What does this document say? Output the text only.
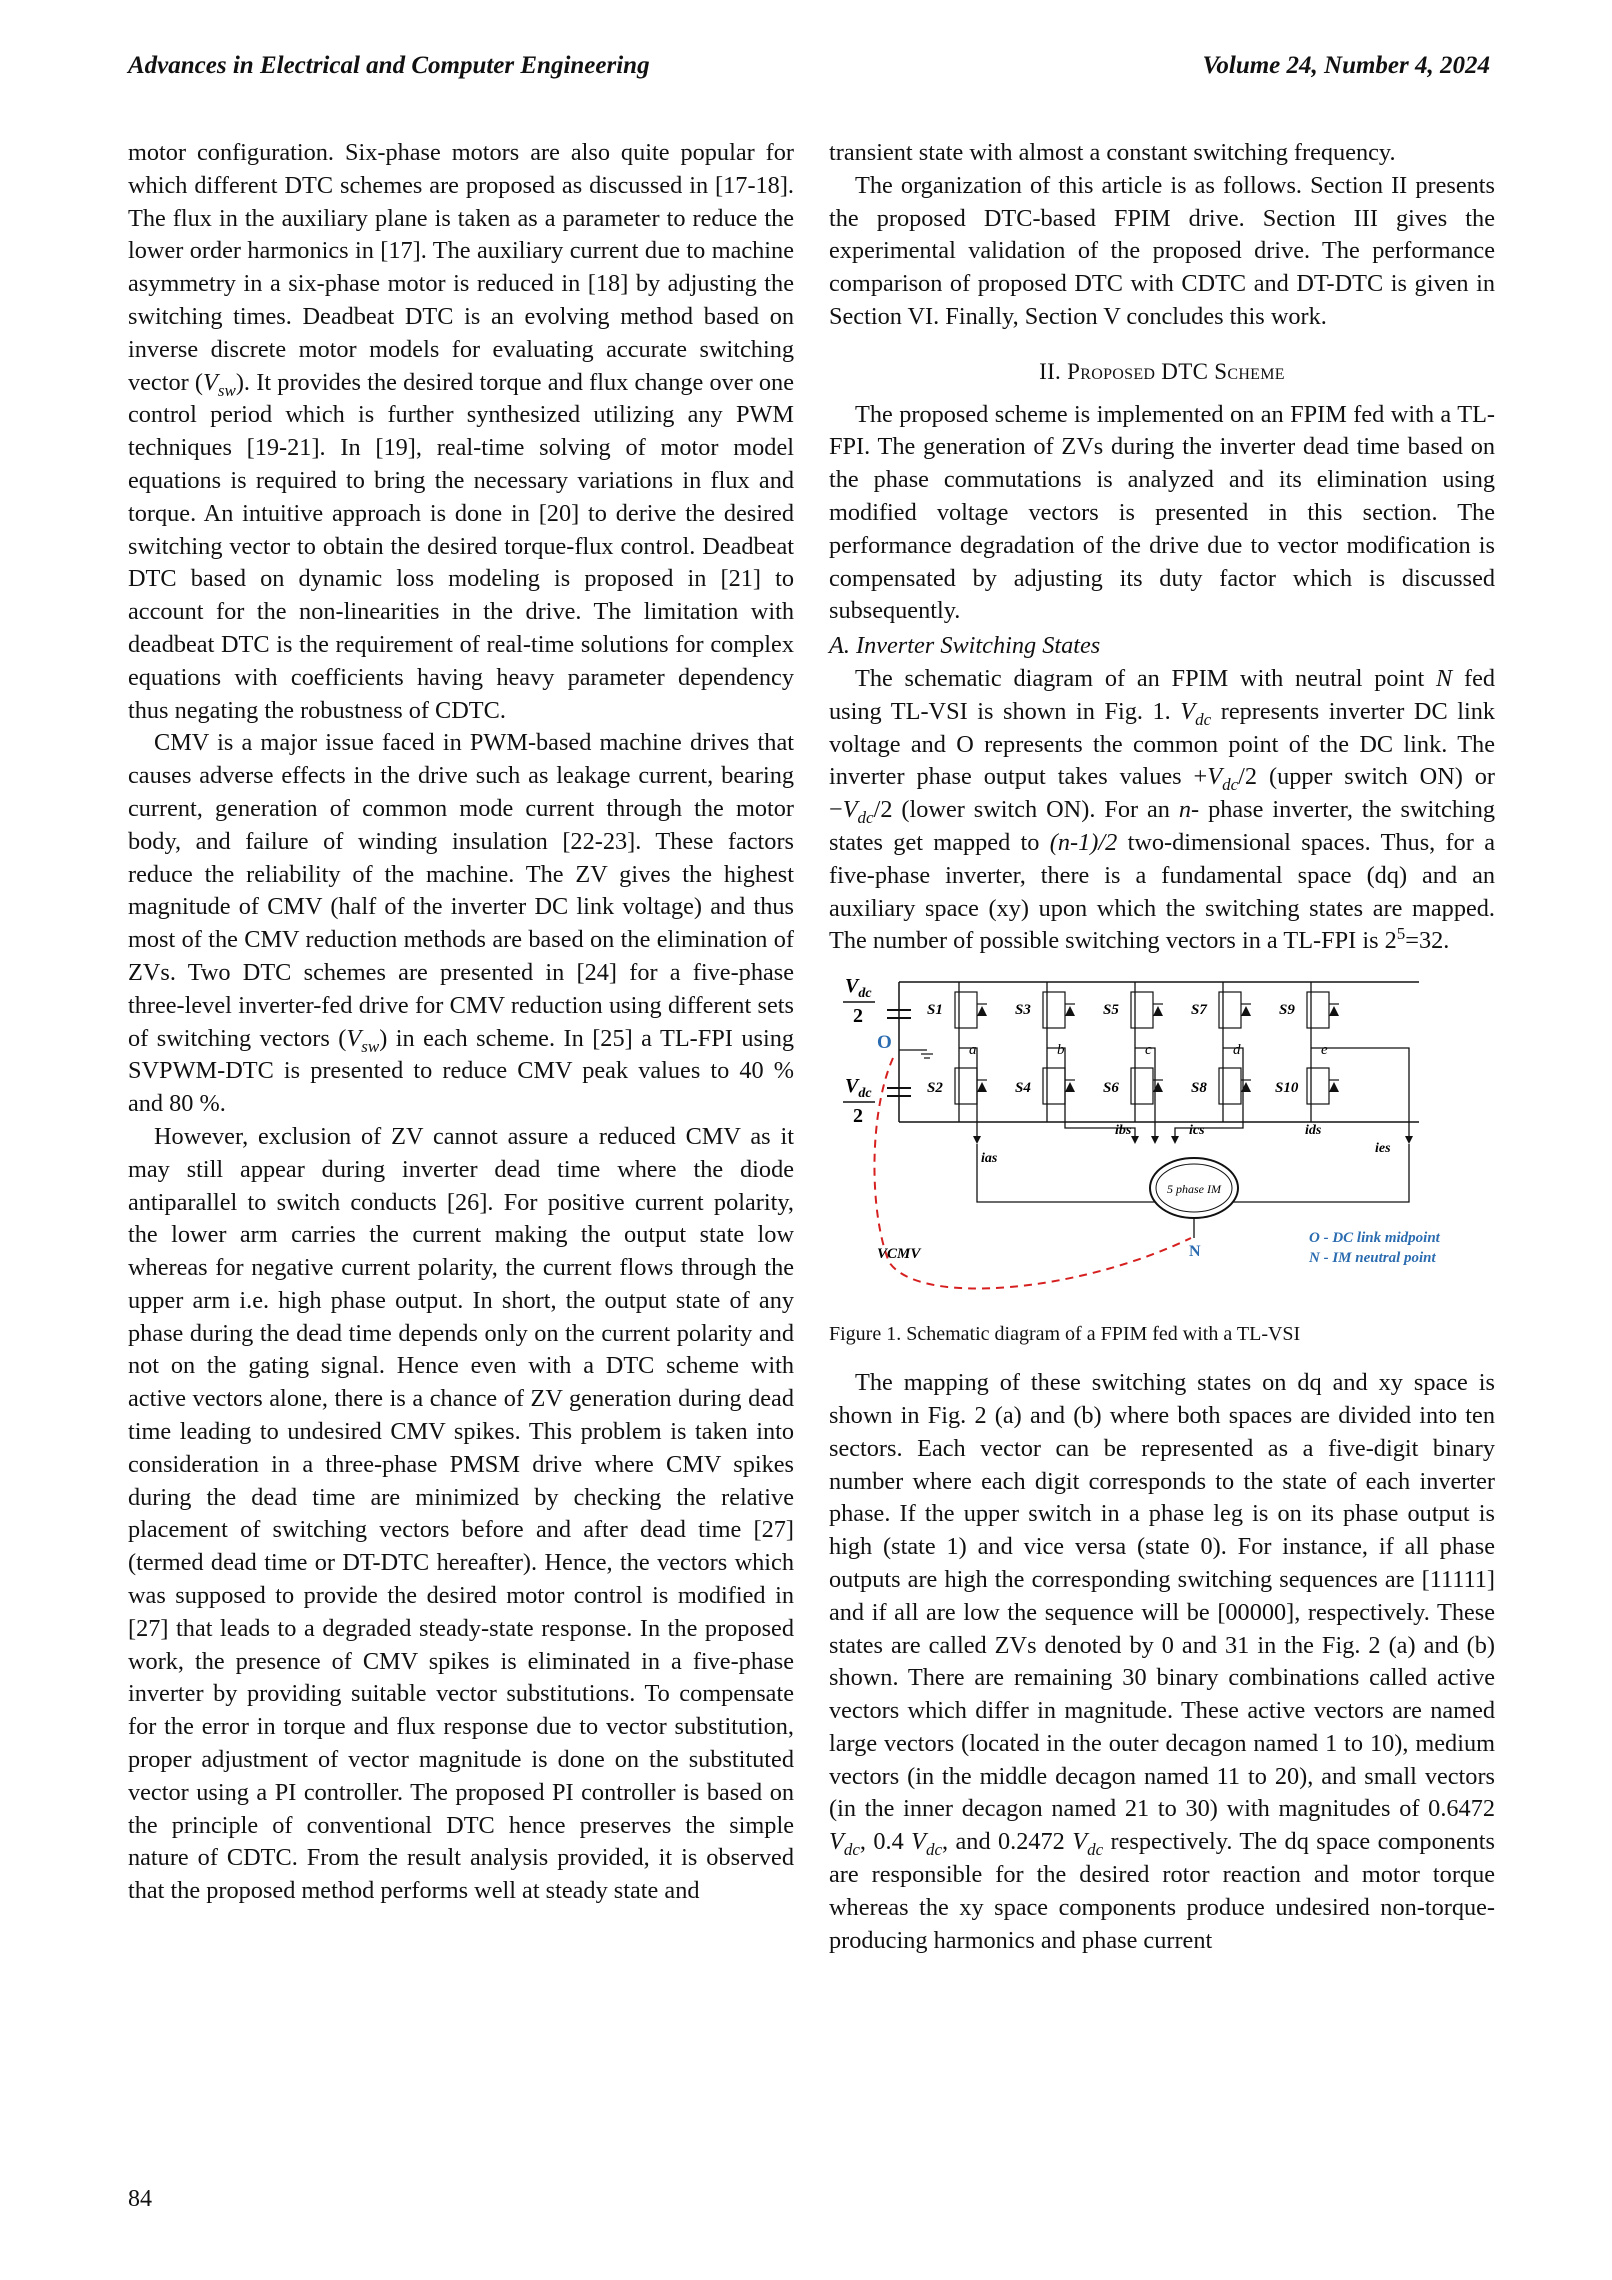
Advances in Electrical and Computer Engineering	Volume 24, Number 4, 2024

motor configuration. Six-phase motors are also quite popular for which different DTC schemes are proposed as discussed in [17-18]. The flux in the auxiliary plane is taken as a parameter to reduce the lower order harmonics in [17]. The auxiliary current due to machine asymmetry in a six-phase motor is reduced in [18] by adjusting the switching times. Deadbeat DTC is an evolving method based on inverse discrete motor models for evaluating accurate switching vector $(V_{sw})$. It provides the desired torque and flux change over one control period which is further synthesized utilizing any PWM techniques [19-21]. In [19], real-time solving of motor model equations is required to bring the necessary variations in flux and torque. An intuitive approach is done in [20] to derive the desired switching vector to obtain the desired torque-flux control. Deadbeat DTC based on dynamic loss modeling is proposed in [21] to account for the non-linearities in the drive. The limitation with deadbeat DTC is the requirement of real-time solutions for complex equations with coefficients having heavy parameter dependency thus negating the robustness of CDTC.

CMV is a major issue faced in PWM-based machine drives that causes adverse effects in the drive such as leakage current, bearing current, generation of common mode current through the motor body, and failure of winding insulation [22-23]. These factors reduce the reliability of the machine. The ZV gives the highest magnitude of CMV (half of the inverter DC link voltage) and thus most of the CMV reduction methods are based on the elimination of ZVs. Two DTC schemes are presented in [24] for a five-phase three-level inverter-fed drive for CMV reduction using different sets of switching vectors $(V_{sw})$ in each scheme. In [25] a TL-FPI using SVPWM-DTC is presented to reduce CMV peak values to 40 % and 80 %.

However, exclusion of ZV cannot assure a reduced CMV as it may still appear during inverter dead time where the diode antiparallel to switch conducts [26]. For positive current polarity, the lower arm carries the current making the output state low whereas for negative current polarity, the current flows through the upper arm i.e. high phase output. In short, the output state of any phase during the dead time depends only on the current polarity and not on the gating signal. Hence even with a DTC scheme with active vectors alone, there is a chance of ZV generation during dead time leading to undesired CMV spikes. This problem is taken into consideration in a three-phase PMSM drive where CMV spikes during the dead time are minimized by checking the relative placement of switching vectors before and after dead time [27] (termed dead time or DT-DTC hereafter). Hence, the vectors which was supposed to provide the desired motor control is modified in [27] that leads to a degraded steady-state response. In the proposed work, the presence of CMV spikes is eliminated in a five-phase inverter by providing suitable vector substitutions. To compensate for the error in torque and flux response due to vector substitution, proper adjustment of vector magnitude is done on the substituted vector using a PI controller. The proposed PI controller is based on the principle of conventional DTC hence preserves the simple nature of CDTC. From the result analysis provided, it is observed that the proposed method performs well at steady state and

transient state with almost a constant switching frequency.

The organization of this article is as follows. Section II presents the proposed DTC-based FPIM drive. Section III gives the experimental validation of the proposed drive. The performance comparison of proposed DTC with CDTC and DT-DTC is given in Section VI. Finally, Section V concludes this work.

II. Proposed DTC Scheme

The proposed scheme is implemented on an FPIM fed with a TL-FPI. The generation of ZVs during the inverter dead time based on the phase commutations is analyzed and its elimination using modified voltage vectors is presented in this section. The performance degradation of the drive due to vector modification is compensated by adjusting its duty factor which is discussed subsequently.

A. Inverter Switching States

The schematic diagram of an FPIM with neutral point N fed using TL-VSI is shown in Fig. 1. $V_{dc}$ represents inverter DC link voltage and O represents the common point of the DC link. The inverter phase output takes values $+V_{dc}/2$ (upper switch ON) or $-V_{dc}/2$ (lower switch ON). For an n- phase inverter, the switching states get mapped to (n-1)/2 two-dimensional spaces. Thus, for a five-phase inverter, there is a fundamental space (dq) and an auxiliary space (xy) upon which the switching states are mapped. The number of possible switching vectors in a TL-FPI is $2^5=32$.

$V_{dc}$
2
$V_{dc}$
2
O
S1	S3	S5	S7	S9
S2	S4	S6	S8	S10
a	b	c	d	e
ias
ibs	ics	ids
ies
5 phase IM
VCMV	N
O - DC link midpoint
N - IM neutral point

Figure 1. Schematic diagram of a FPIM fed with a TL-VSI

The mapping of these switching states on dq and xy space is shown in Fig. 2 (a) and (b) where both spaces are divided into ten sectors. Each vector can be represented as a five-digit binary number where each digit corresponds to the state of each inverter phase. If the upper switch in a phase leg is on its phase output is high (state 1) and vice versa (state 0). For instance, if all phase outputs are high the corresponding switching sequences are [11111] and if all are low the sequence will be [00000], respectively. These states are called ZVs denoted by 0 and 31 in the Fig. 2 (a) and (b) shown. There are remaining 30 binary combinations called active vectors which differ in magnitude. These active vectors are named large vectors (located in the outer decagon named 1 to 10), medium vectors (in the middle decagon named 11 to 20), and small vectors (in the inner decagon named 21 to 30) with magnitudes of 0.6472 $V_{dc}$, 0.4 $V_{dc}$, and 0.2472 $V_{dc}$ respectively. The dq space components are responsible for the desired rotor reaction and motor torque whereas the xy space components produce undesired non-torque-producing harmonics and phase current

84
